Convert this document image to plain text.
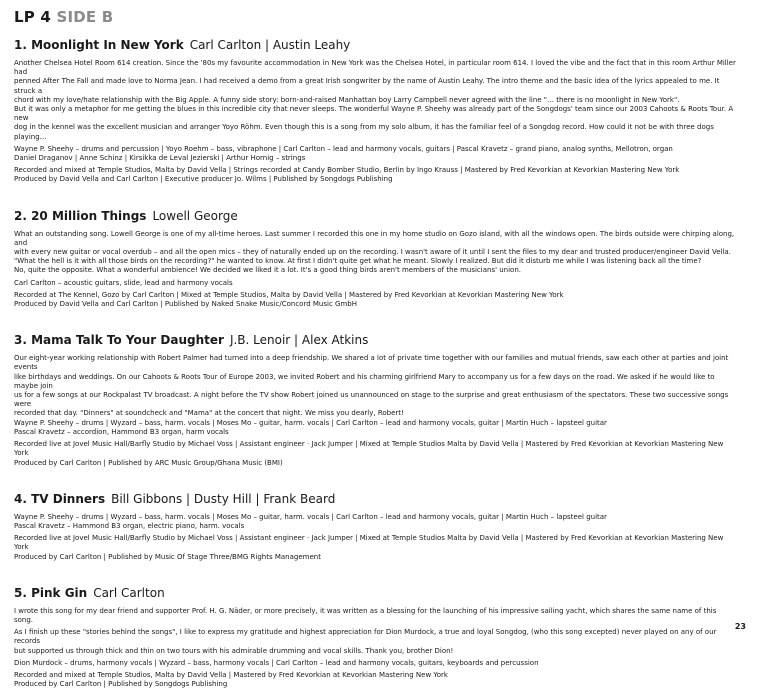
LP 4 SIDE B
1. Moonlight In New York Carl Carlton | Austin Leahy

Another Chelsea Hotel Room 614 creation. Since the '80s my favourite accommodation in New York was the Chelsea Hotel, in particular room 614. I loved the vibe and the fact that in this room Arthur Miller had

penned After The Fall and made love to Norma Jean. I had received a demo from a great Irish songwriter by the name of Austin Leahy. The intro theme and the basic idea of the lyrics appealed to me. It struck a

chord with my love/hate relationship with the Big Apple. A funny side story: born-and-raised Manhattan boy Larry Campbell never agreed with the line "… there is no moonlight in New York".

But it was only a metaphor for me getting the blues in this incredible city that never sleeps. The wonderful Wayne P. Sheehy was already part of the Songdogs' team since our 2003 Cahoots & Roots Tour. A new

dog in the kennel was the excellent musician and arranger Yoyo Röhm. Even though this is a song from my solo album, it has the familiar feel of a Songdog record. How could it not be with three dogs playing…

Wayne P. Sheehy – drums and percussion | Yoyo Roehm – bass, vibraphone | Carl Carlton – lead and harmony vocals, guitars | Pascal Kravetz – grand piano, analog synths, Mellotron, organ

Daniel Draganov | Anne Schinz | Kirsikka de Leval Jezierski | Arthur Hornig – strings

Recorded and mixed at Temple Studios, Malta by David Vella | Strings recorded at Candy Bomber Studio, Berlin by Ingo Krauss | Mastered by Fred Kevorkian at Kevorkian Mastering New York

Produced by David Vella and Carl Carlton | Executive producer Jo. Wilms | Published by Songdogs Publishing

2. 20 Million Things Lowell George

What an outstanding song. Lowell George is one of my all-time heroes. Last summer I recorded this one in my home studio on Gozo island, with all the windows open. The birds outside were chirping along, and

with every new guitar or vocal overdub – and all the open mics – they of naturally ended up on the recording. I wasn't aware of it until I sent the files to my dear and trusted producer/engineer David Vella.

"What the hell is it with all those birds on the recording?" he wanted to know. At first I didn't quite get what he meant. Slowly I realized. But did it disturb me while I was listening back all the time?

No, quite the opposite. What a wonderful ambience! We decided we liked it a lot. It's a good thing birds aren't members of the musicians' union.

Carl Carlton – acoustic guitars, slide, lead and harmony vocals

Recorded at The Kennel, Gozo by Carl Carlton | Mixed at Temple Studios, Malta by David Vella | Mastered by Fred Kevorkian at Kevorkian Mastering New York

Produced by David Vella and Carl Carlton | Published by Naked Snake Music/Concord Music GmbH

3. Mama Talk To Your Daughter J.B. Lenoir | Alex Atkins

Our eight-year working relationship with Robert Palmer had turned into a deep friendship. We shared a lot of private time together with our families and mutual friends, saw each other at parties and joint events

like birthdays and weddings. On our Cahoots & Roots Tour of Europe 2003, we invited Robert and his charming girlfriend Mary to accompany us for a few days on the road. We asked if he would like to maybe join

us for a few songs at our Rockpalast TV broadcast. A night before the TV show Robert joined us unannounced on stage to the surprise and great enthusiasm of the spectators. These two successive songs were

recorded that day. "Dinners" at soundcheck and "Mama" at the concert that night. We miss you dearly, Robert!

Wayne P. Sheehy – drums | Wyzard – bass, harm. vocals | Moses Mo – guitar, harm. vocals | Carl Carlton – lead and harmony vocals, guitar | Martin Huch – lapsteel guitar

Pascal Kravetz – accordion, Hammond B3 organ, harm vocals

Recorded live at Jovel Music Hall/Barfly Studio by Michael Voss | Assistant engineer · Jack Jumper | Mixed at Temple Studios Malta by David Vella | Mastered by Fred Kevorkian at Kevorkian Mastering New York

Produced by Carl Carlton | Published by ARC Music Group/Ghana Music (BMI)

4. TV Dinners Bill Gibbons | Dusty Hill | Frank Beard

Wayne P. Sheehy – drums | Wyzard – bass, harm. vocals | Moses Mo – guitar, harm. vocals | Carl Carlton – lead and harmony vocals, guitar | Martin Huch – lapsteel guitar

Pascal Kravetz – Hammond B3 organ, electric piano, harm. vocals

Recorded live at Jovel Music Hall/Barfly Studio by Michael Voss | Assistant engineer · Jack Jumper | Mixed at Temple Studios Malta by David Vella | Mastered by Fred Kevorkian at Kevorkian Mastering New York

Produced by Carl Carlton | Published by Music Of Stage Three/BMG Rights Management

5. Pink Gin Carl Carlton

I wrote this song for my dear friend and supporter Prof. H. G. Näder, or more precisely, it was written as a blessing for the launching of his impressive sailing yacht, which shares the same name of this song.

As I finish up these "stories behind the songs", I like to express my gratitude and highest appreciation for Dion Murdock, a true and loyal Songdog, (who this song excepted) never played on any of our records

but supported us through thick and thin on two tours with his admirable drumming and vocal skills. Thank you, brother Dion!

Dion Murdock – drums, harmony vocals | Wyzard – bass, harmony vocals | Carl Carlton – lead and harmony vocals, guitars, keyboards and percussion

Recorded and mixed at Temple Studios, Malta by David Vella | Mastered by Fred Kevorkian at Kevorkian Mastering New York

Produced by Carl Carlton | Published by Songdogs Publishing

23
